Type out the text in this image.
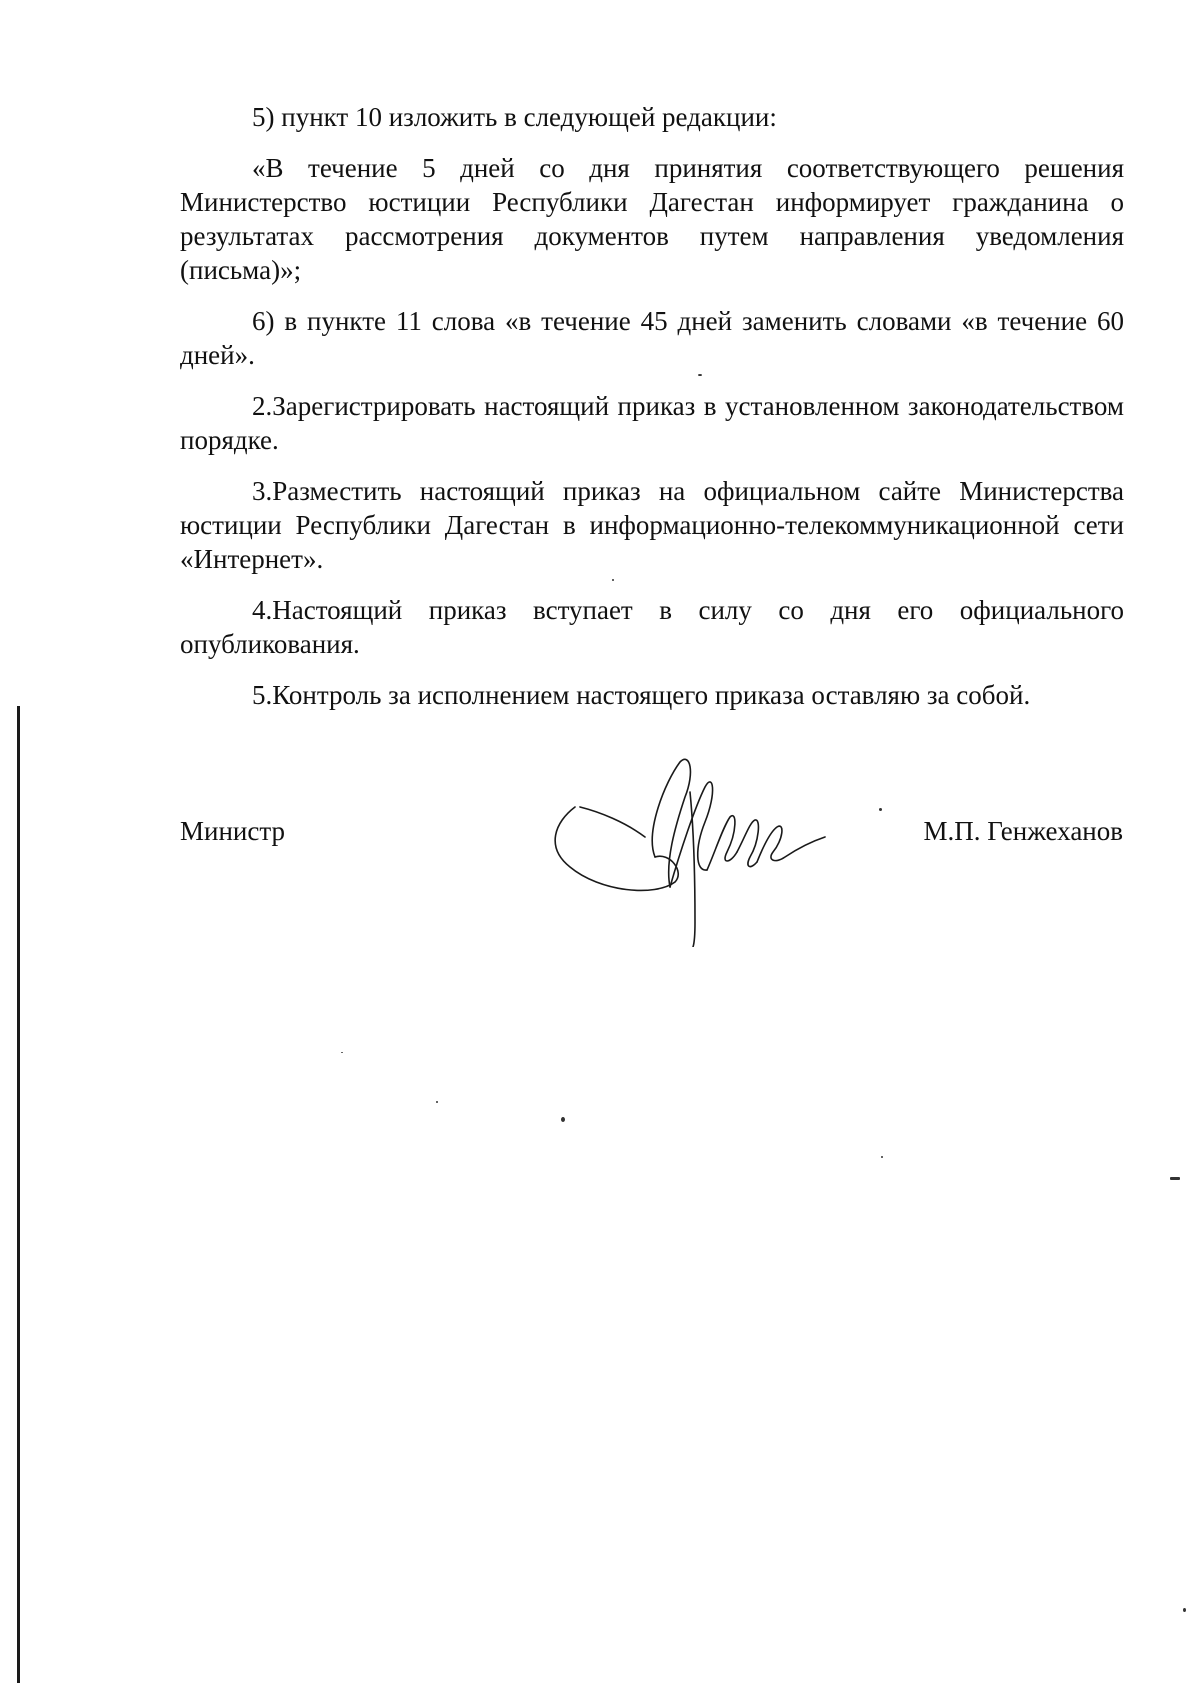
5) пункт 10 изложить в следующей редакции:

«В течение 5 дней со дня принятия соответствующего решения Министерство юстиции Республики Дагестан информирует гражданина о результатах рассмотрения документов путем направления уведомления (письма)»;

6) в пункте 11 слова «в течение 45 дней заменить словами «в течение 60 дней».

2.Зарегистрировать настоящий приказ в установленном законодательством порядке.

3.Разместить настоящий приказ на официальном сайте Министерства юстиции Республики Дагестан в информационно-телекоммуникационной сети «Интернет».

4.Настоящий приказ вступает в силу со дня его официального опубликования.

5.Контроль за исполнением настоящего приказа оставляю за собой.

Министр	М.П. Генжеханов
